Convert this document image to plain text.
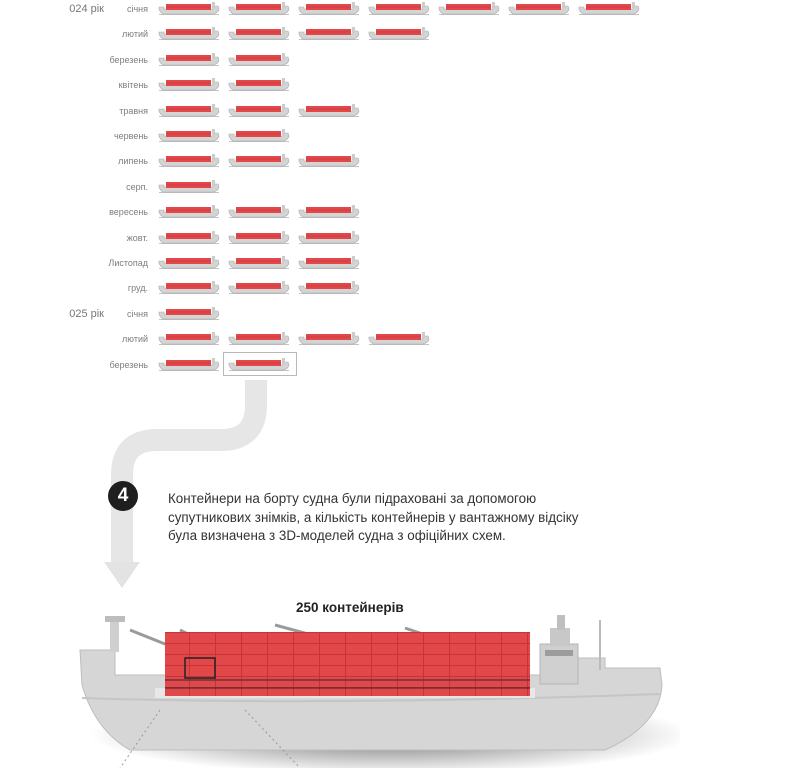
024 рік	січня
лютий
березень
квітень
травня
червень
липень
серп.
вересень
жовт.
Листопад
груд.
025 рік	січня
лютий
березень
4	Контейнери на борту судна були підраховані за допомогою супутникових знімків, а кількість контейнерів у вантажному відсіку була визначена з 3D-моделей судна з офіційних схем.
250 контейнерів
